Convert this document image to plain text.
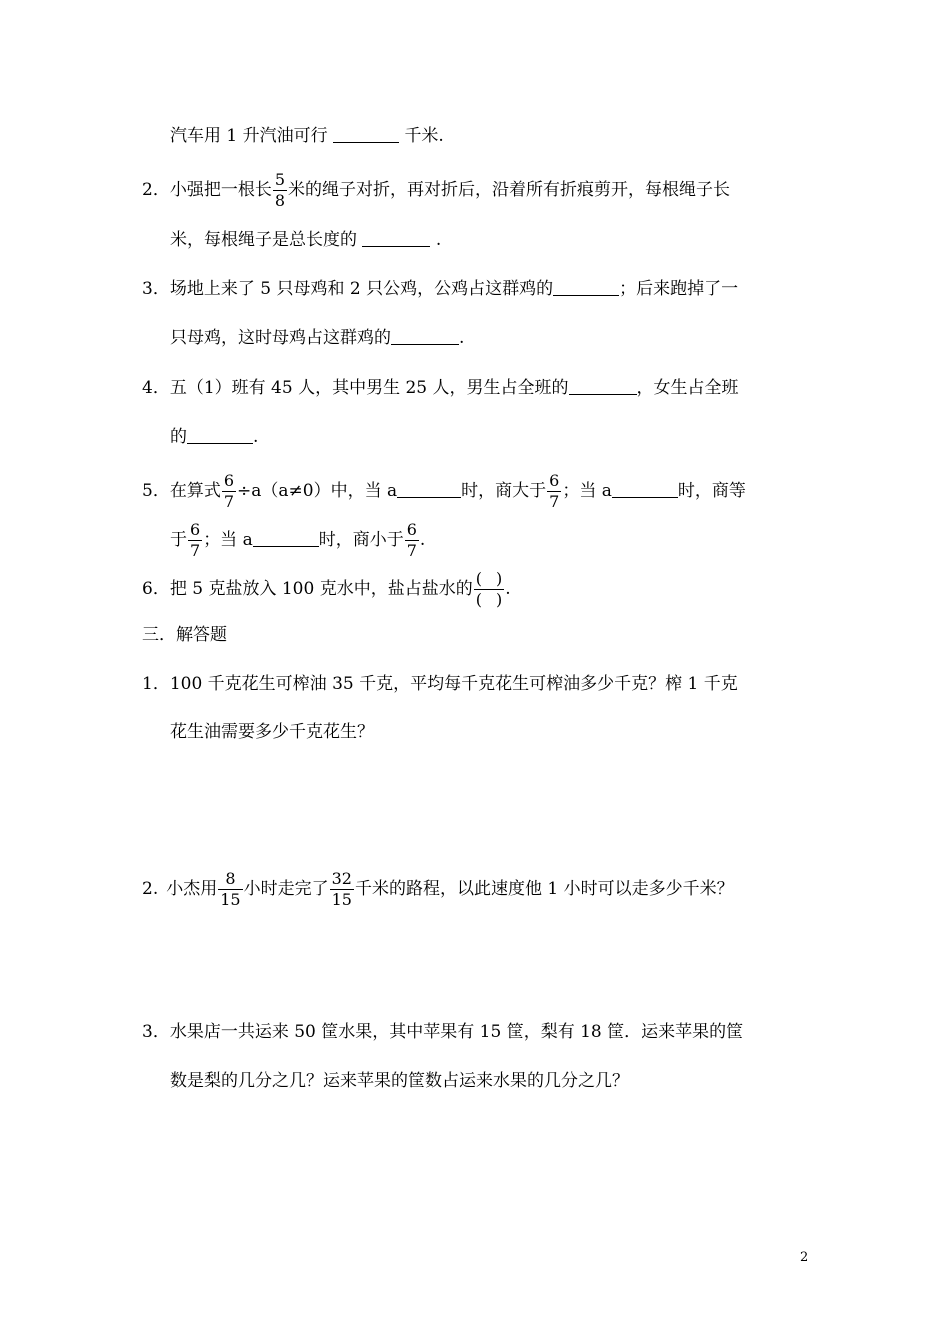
汽车用 1 升汽油可行	千米.
2．小强把一根长 $\frac{5}{8}$ 米的绳子对折，再对折后，沿着所有折痕剪开，每根绳子长
米，每根绳子是总长度的	.
3．场地上来了 5 只母鸡和 2 只公鸡，公鸡占这群鸡的	；后来跑掉了一
只母鸡，这时母鸡占这群鸡的	.
4．五（1）班有 45 人，其中男生 25 人，男生占全班的	，女生占全班
的	.
5．在算式 $\frac{6}{7} \div a(a\ne 0)$中，当 a	时，商大于 $\frac{6}{7}$ ；当 a	时，商等
于 $\frac{6}{7}$ ；当 a	时，商小于 $\frac{6}{7}$ .
6．把 5 克盐放入 100 克水中，盐占盐水的 $\frac{( )}{( )}$ .
三．解答题
1．100 千克花生可榨油 35 千克，平均每千克花生可榨油多少千克？榨 1 千克
花生油需要多少千克花生？
2. 小杰用 $\frac{8}{15}$ 小时走完了 $\frac{32}{15}$ 千米的路程，以此速度他 1 小时可以走多少千米？
3．水果店一共运来 50 筐水果，其中苹果有 15 筐，梨有 18 筐．运来苹果的筐
数是梨的几分之几？运来苹果的筐数占运来水果的几分之几？
2
